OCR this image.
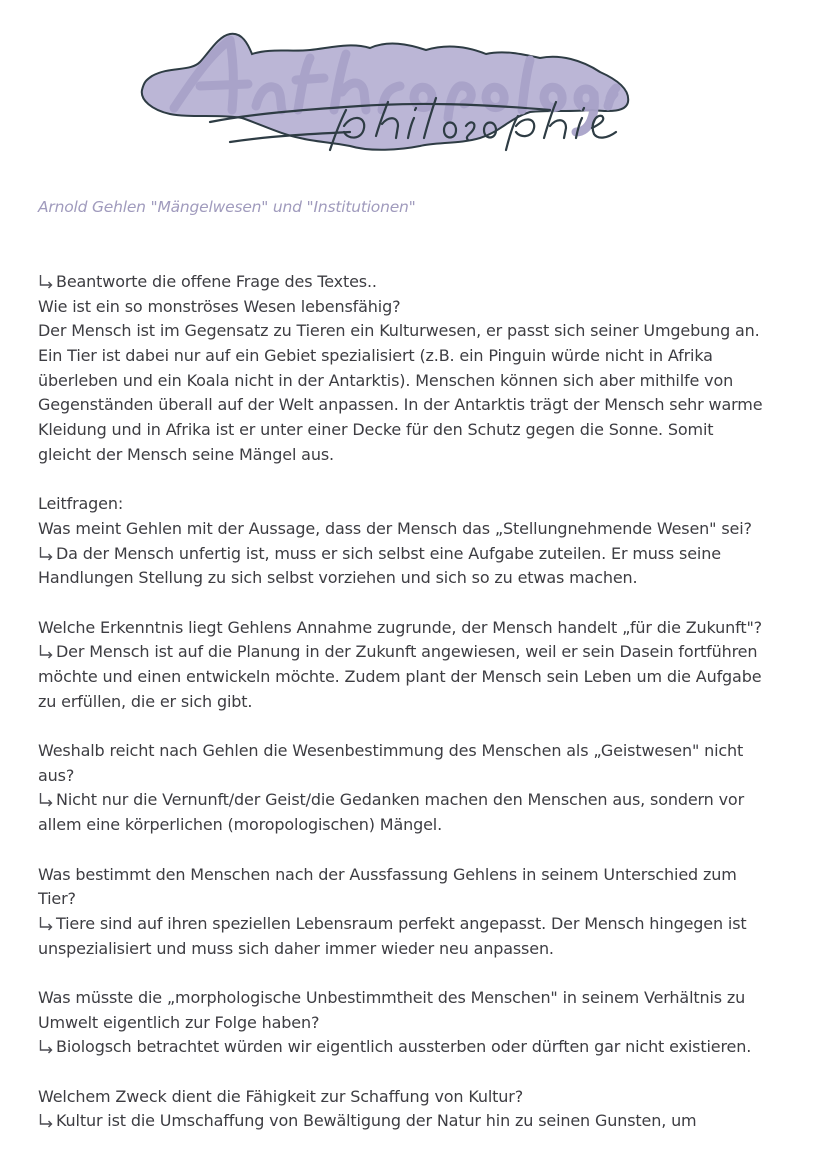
Arnold Gehlen "Mängelwesen" und "Institutionen"
Beantworte die offene Frage des Textes..
Wie ist ein so monströses Wesen lebensfähig?
Der Mensch ist im Gegensatz zu Tieren ein Kulturwesen, er passt sich seiner Umgebung an.
Ein Tier ist dabei nur auf ein Gebiet spezialisiert (z.B. ein Pinguin würde nicht in Afrika
überleben und ein Koala nicht in der Antarktis). Menschen können sich aber mithilfe von
Gegenständen überall auf der Welt anpassen. In der Antarktis trägt der Mensch sehr warme
Kleidung und in Afrika ist er unter einer Decke für den Schutz gegen die Sonne. Somit
gleicht der Mensch seine Mängel aus.
Leitfragen:
Was meint Gehlen mit der Aussage, dass der Mensch das „Stellungnehmende Wesen" sei?
Da der Mensch unfertig ist, muss er sich selbst eine Aufgabe zuteilen. Er muss seine
Handlungen Stellung zu sich selbst vorziehen und sich so zu etwas machen.
Welche Erkenntnis liegt Gehlens Annahme zugrunde, der Mensch handelt „für die Zukunft"?
Der Mensch ist auf die Planung in der Zukunft angewiesen, weil er sein Dasein fortführen
möchte und einen entwickeln möchte. Zudem plant der Mensch sein Leben um die Aufgabe
zu erfüllen, die er sich gibt.
Weshalb reicht nach Gehlen die Wesenbestimmung des Menschen als „Geistwesen" nicht
aus?
Nicht nur die Vernunft/der Geist/die Gedanken machen den Menschen aus, sondern vor
allem eine körperlichen (moropologischen) Mängel.
Was bestimmt den Menschen nach der Aussfassung Gehlens in seinem Unterschied zum
Tier?
Tiere sind auf ihren speziellen Lebensraum perfekt angepasst. Der Mensch hingegen ist
unspezialisiert und muss sich daher immer wieder neu anpassen.
Was müsste die „morphologische Unbestimmtheit des Menschen" in seinem Verhältnis zu
Umwelt eigentlich zur Folge haben?
Biologsch betrachtet würden wir eigentlich aussterben oder dürften gar nicht existieren.
Welchem Zweck dient die Fähigkeit zur Schaffung von Kultur?
Kultur ist die Umschaffung von Bewältigung der Natur hin zu seinen Gunsten, um
